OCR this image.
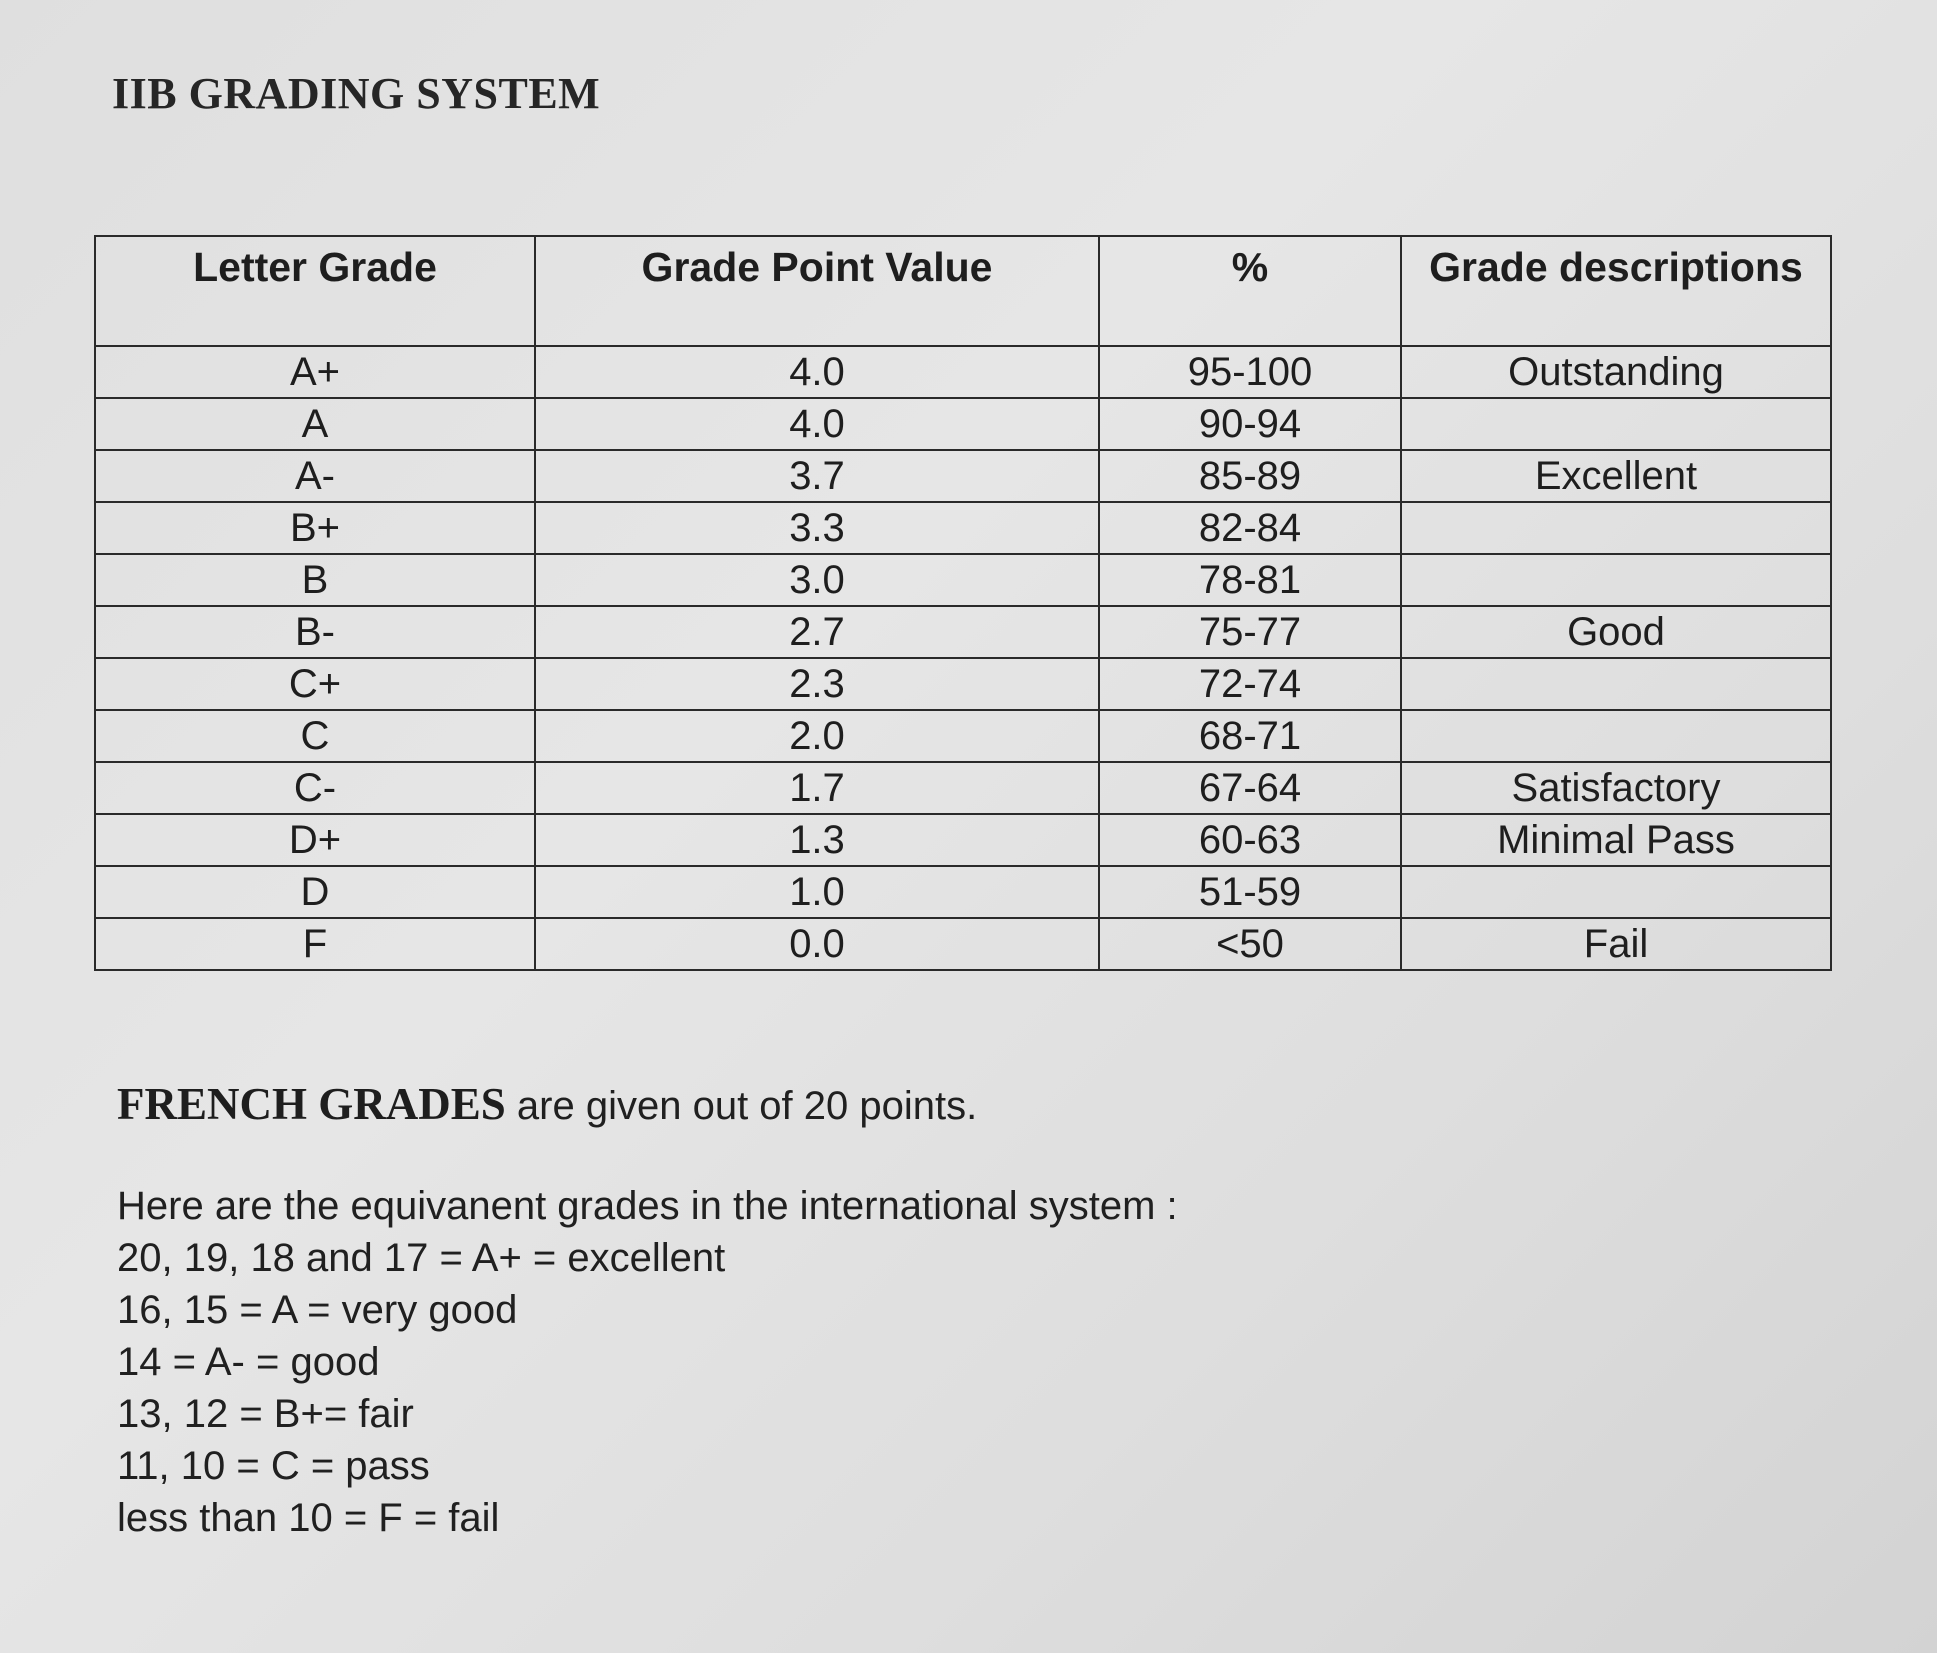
IIB GRADING SYSTEM
Letter Grade	Grade Point Value	%	Grade descriptions
A+	4.0	95-100	Outstanding
A	4.0	90-94	
A-	3.7	85-89	Excellent
B+	3.3	82-84	
B	3.0	78-81	
B-	2.7	75-77	Good
C+	2.3	72-74	
C	2.0	68-71	
C-	1.7	67-64	Satisfactory
D+	1.3	60-63	Minimal Pass
D	1.0	51-59	
F	0.0	<50	Fail

FRENCH GRADES are given out of 20 points.

Here are the equivanent grades in the international system :

20, 19, 18 and 17 = A+ = excellent

16, 15 = A = very good

14 = A- = good

13, 12 = B+= fair

11, 10 = C = pass

less than 10 = F = fail
